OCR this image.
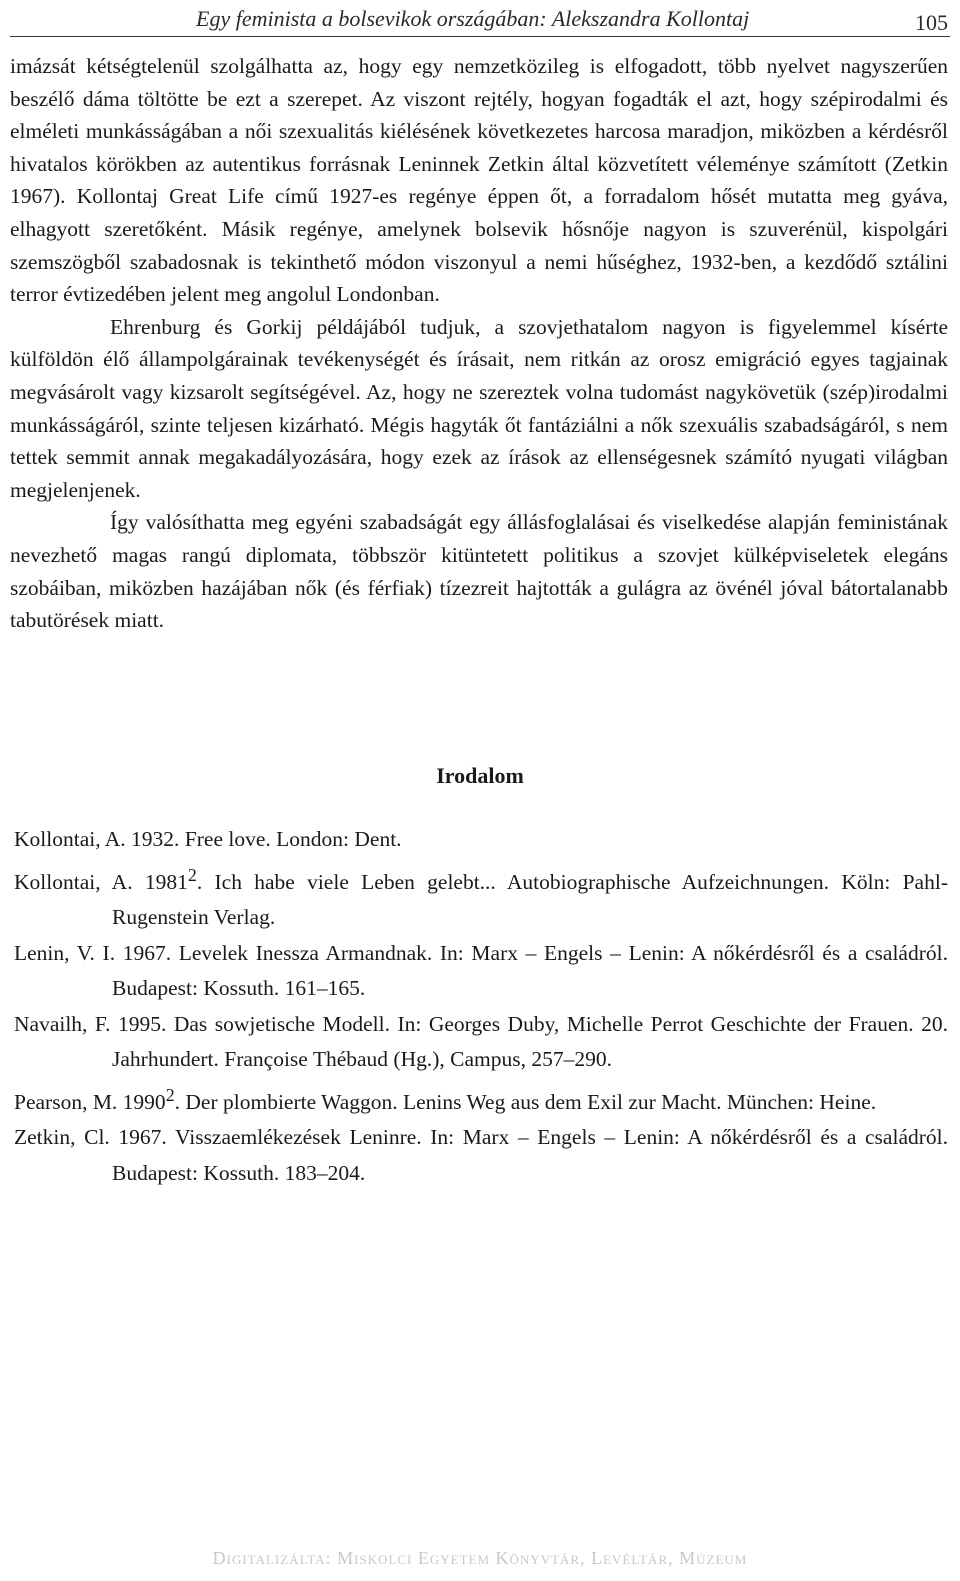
Egy feminista a bolsevikok országában: Alekszandra Kollontaj	105

imázsát kétségtelenül szolgálhatta az, hogy egy nemzetközileg is elfogadott, több nyelvet nagyszerűen beszélő dáma töltötte be ezt a szerepet. Az viszont rejtély, hogyan fogadták el azt, hogy szépirodalmi és elméleti munkásságában a női szexualitás kiélésének következetes harcosa maradjon, miközben a kérdésről hivatalos körökben az autentikus forrásnak Leninnek Zetkin által közvetített véleménye számított (Zetkin 1967). Kollontaj Great Life című 1927-es regénye éppen őt, a forradalom hősét mutatta meg gyáva, elhagyott szeretőként. Másik regénye, amelynek bolsevik hősnője nagyon is szuverénül, kispolgári szemszögből szabadosnak is tekinthető módon viszonyul a nemi hűséghez, 1932-ben, a kezdődő sztálini terror évtizedében jelent meg angolul Londonban.

Ehrenburg és Gorkij példájából tudjuk, a szovjethatalom nagyon is figyelemmel kísérte külföldön élő állampolgárainak tevékenységét és írásait, nem ritkán az orosz emigráció egyes tagjainak megvásárolt vagy kizsarolt segítségével. Az, hogy ne szereztek volna tudomást nagykövetük (szép)irodalmi munkásságáról, szinte teljesen kizárható. Mégis hagyták őt fantáziálni a nők szexuális szabadságáról, s nem tettek semmit annak megakadályozására, hogy ezek az írások az ellenségesnek számító nyugati világban megjelenjenek.

Így valósíthatta meg egyéni szabadságát egy állásfoglalásai és viselkedése alapján feministának nevezhető magas rangú diplomata, többször kitüntetett politikus a szovjet külképviseletek elegáns szobáiban, miközben hazájában nők (és férfiak) tízezreit hajtották a gulágra az övénél jóval bátortalanabb tabutörések miatt.

Irodalom

Kollontai, A. 1932. Free love. London: Dent.

Kollontai, A. 1981$^2$. Ich habe viele Leben gelebt... Autobiographische Aufzeichnungen. Köln: Pahl-Rugenstein Verlag.

Lenin, V. I. 1967. Levelek Inessza Armandnak. In: Marx – Engels – Lenin: A nőkérdésről és a családról. Budapest: Kossuth. 161–165.

Navailh, F. 1995. Das sowjetische Modell. In: Georges Duby, Michelle Perrot Geschichte der Frauen. 20. Jahrhundert. Françoise Thébaud (Hg.), Campus, 257–290.

Pearson, M. 1990$^2$. Der plombierte Waggon. Lenins Weg aus dem Exil zur Macht. München: Heine.

Zetkin, Cl. 1967. Visszaemlékezések Leninre. In: Marx – Engels – Lenin: A nőkérdésről és a családról. Budapest: Kossuth. 183–204.

Digitalizálta: Miskolci Egyetem Könyvtár, Levéltár, Múzeum
